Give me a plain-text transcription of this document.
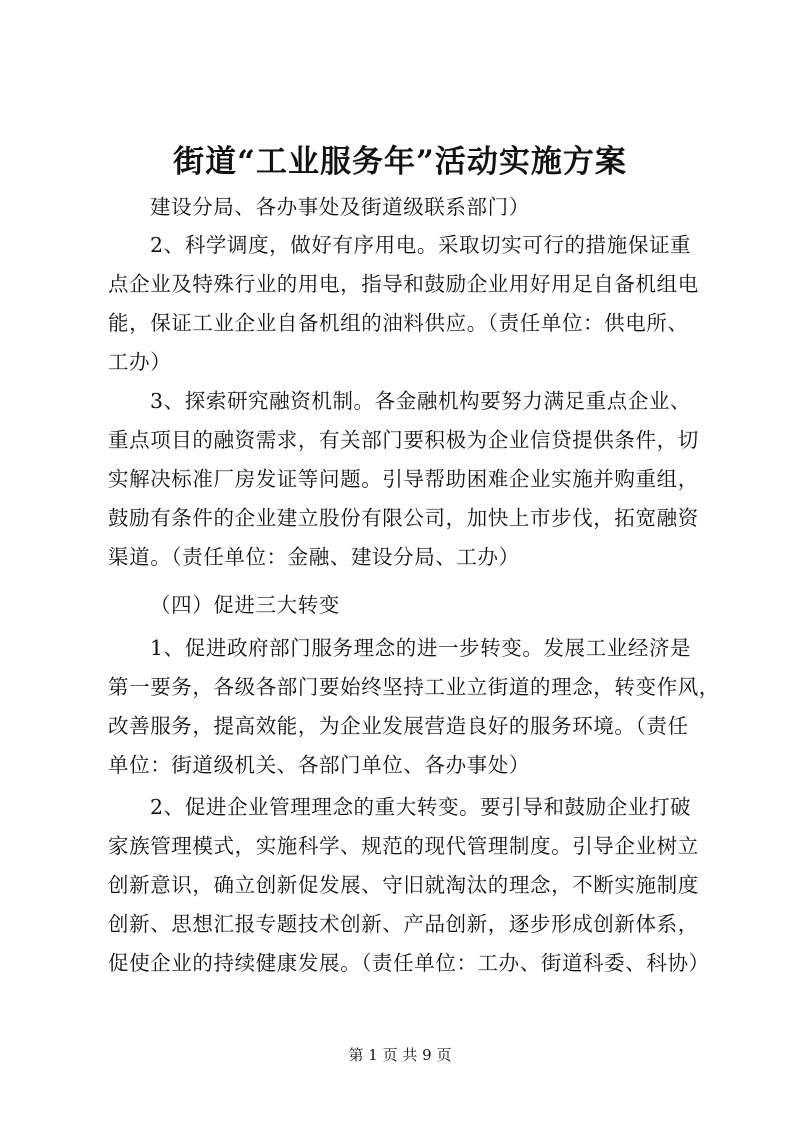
街道“工业服务年”活动实施方案

建设分局、各办事处及街道级联系部门）

2、科学调度，做好有序用电。采取切实可行的措施保证重

点企业及特殊行业的用电，指导和鼓励企业用好用足自备机组电

能，保证工业企业自备机组的油料供应。（责任单位：供电所、

工办）

3、探索研究融资机制。各金融机构要努力满足重点企业、

重点项目的融资需求，有关部门要积极为企业信贷提供条件，切

实解决标准厂房发证等问题。引导帮助困难企业实施并购重组，

鼓励有条件的企业建立股份有限公司，加快上市步伐，拓宽融资

渠道。（责任单位：金融、建设分局、工办）

（四）促进三大转变

1、促进政府部门服务理念的进一步转变。发展工业经济是

第一要务，各级各部门要始终坚持工业立街道的理念，转变作风，

改善服务，提高效能，为企业发展营造良好的服务环境。（责任

单位：街道级机关、各部门单位、各办事处）

2、促进企业管理理念的重大转变。要引导和鼓励企业打破

家族管理模式，实施科学、规范的现代管理制度。引导企业树立

创新意识，确立创新促发展、守旧就淘汰的理念，不断实施制度

创新、思想汇报专题技术创新、产品创新，逐步形成创新体系，

促使企业的持续健康发展。（责任单位：工办、街道科委、科协）

第 1 页 共 9 页
